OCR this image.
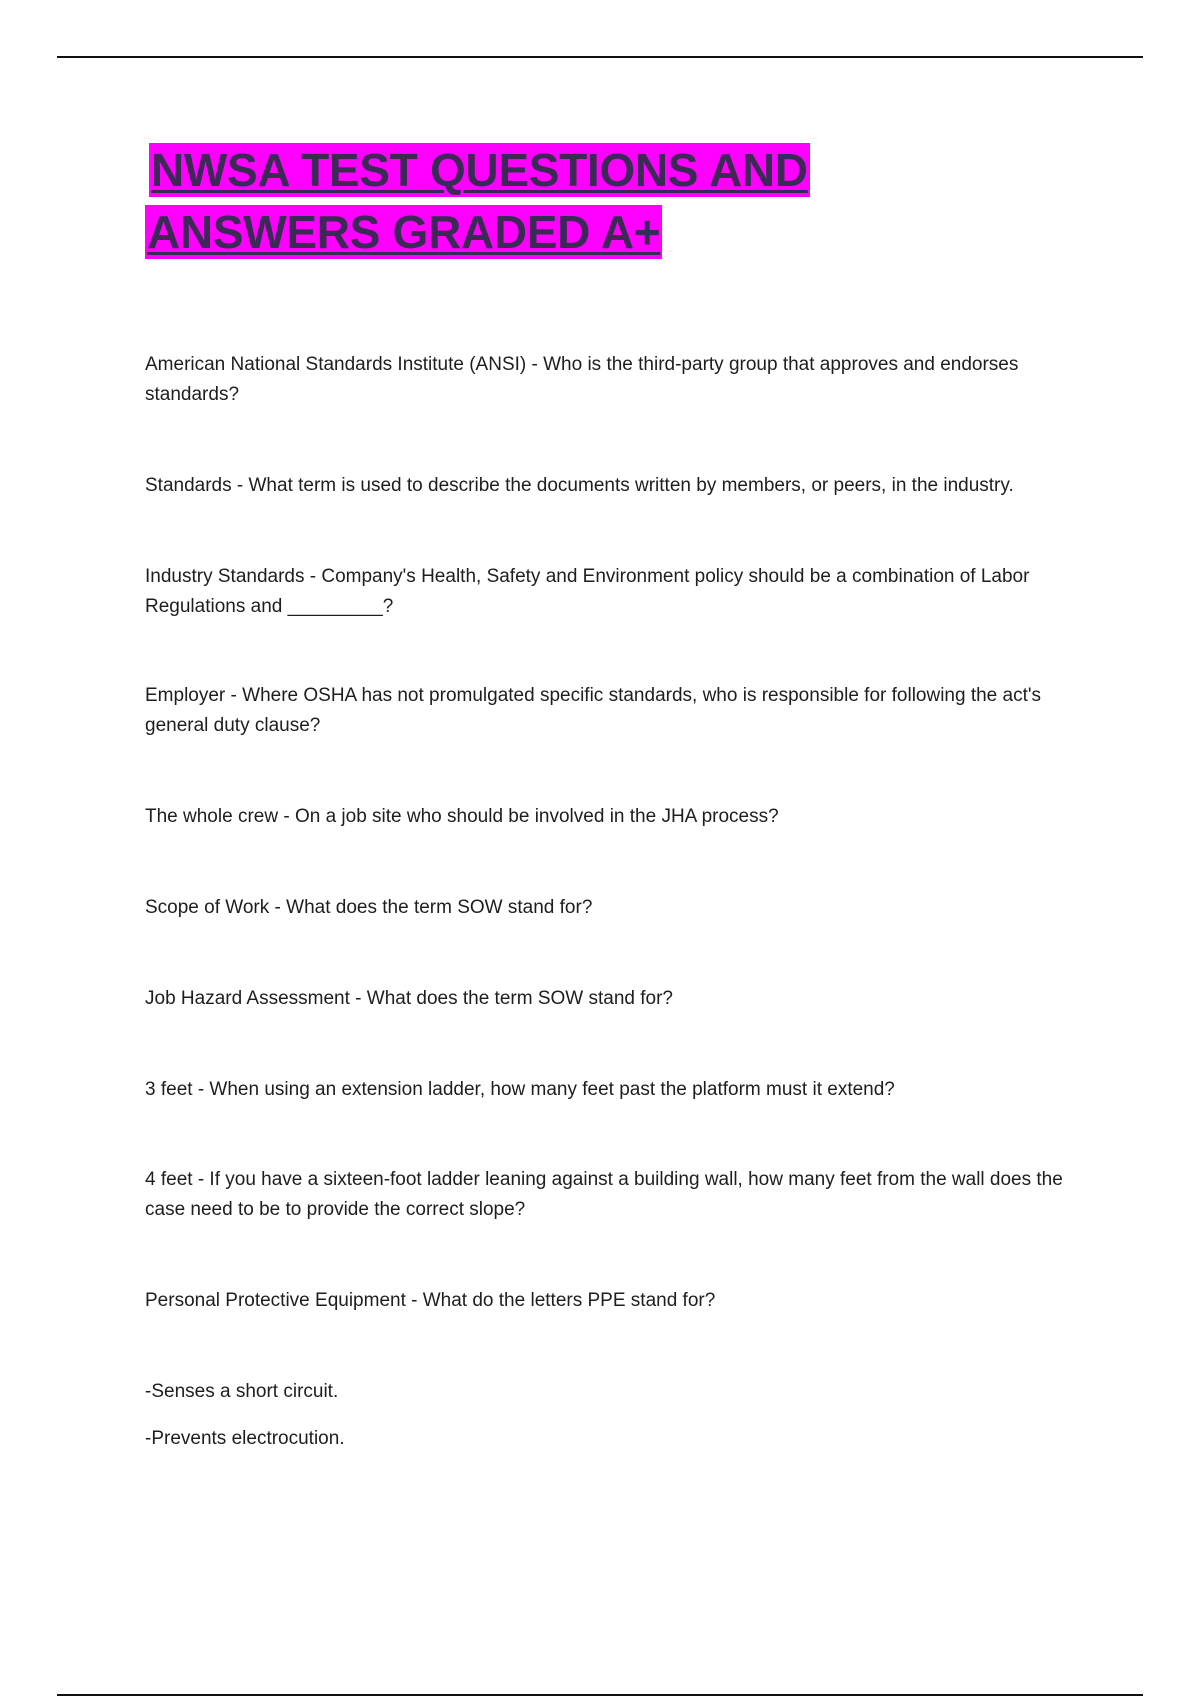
NWSA TEST QUESTIONS AND
ANSWERS GRADED A+

American National Standards Institute (ANSI) - Who is the third-party group that approves and endorses standards?

Standards - What term is used to describe the documents written by members, or peers, in the industry.

Industry Standards - Company's Health, Safety and Environment policy should be a combination of Labor Regulations and _________?

Employer - Where OSHA has not promulgated specific standards, who is responsible for following the act's general duty clause?

The whole crew - On a job site who should be involved in the JHA process?

Scope of Work - What does the term SOW stand for?

Job Hazard Assessment - What does the term SOW stand for?

3 feet - When using an extension ladder, how many feet past the platform must it extend?

4 feet - If you have a sixteen-foot ladder leaning against a building wall, how many feet from the wall does the case need to be to provide the correct slope?

Personal Protective Equipment - What do the letters PPE stand for?

-Senses a short circuit.

-Prevents electrocution.
